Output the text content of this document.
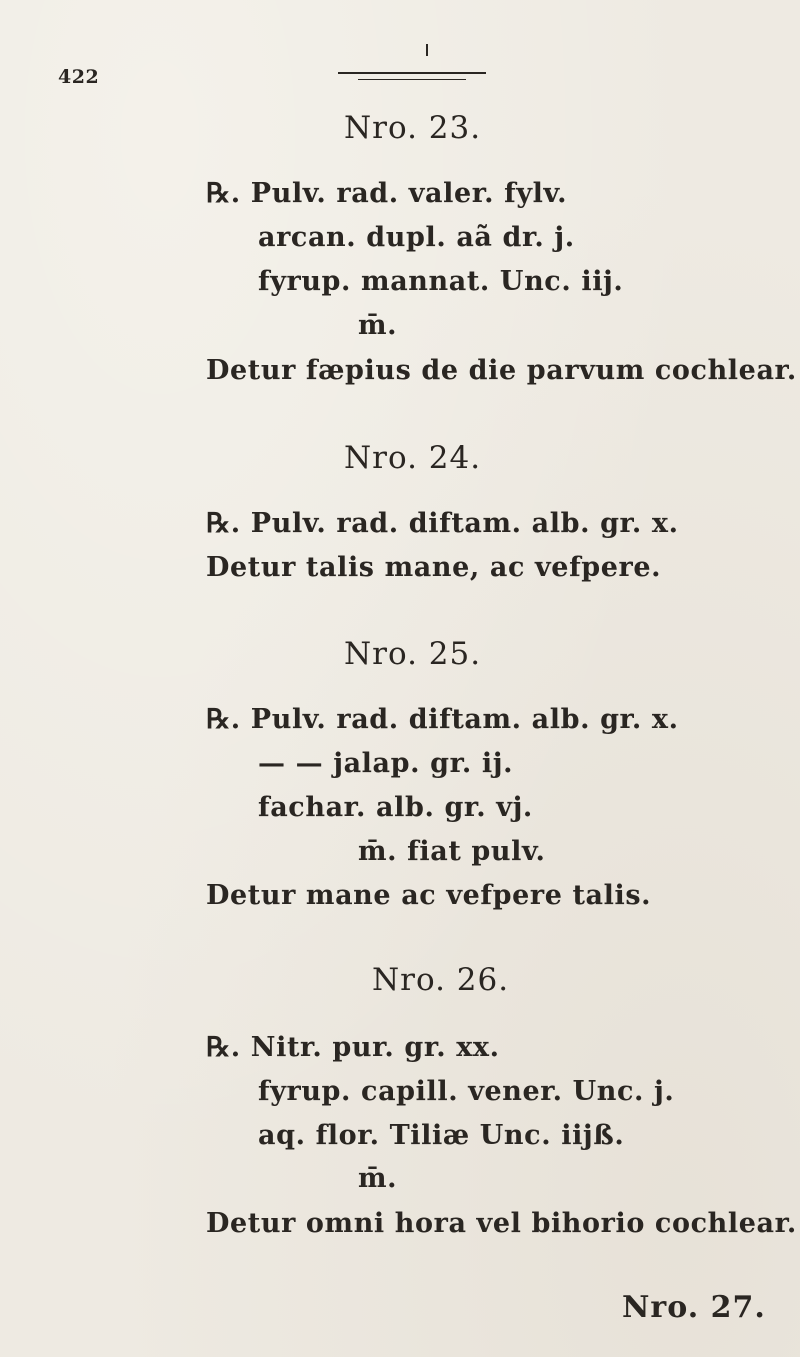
422
Nro. 23.
℞. Pulv. rad. valer. fylv.
arcan. dupl. aã dr. j.
fyrup. mannat. Unc. iij.
m̄.
Detur fæpius de die parvum cochlear.
Nro. 24.
℞. Pulv. rad. diftam. alb. gr. x.
Detur talis mane, ac vefpere.
Nro. 25.
℞. Pulv. rad. diftam. alb. gr. x.
— — jalap. gr. ij.
fachar. alb. gr. vj.
m̄. fiat pulv.
Detur mane ac vefpere talis.
Nro. 26.
℞. Nitr. pur. gr. xx.
fyrup. capill. vener. Unc. j.
aq. flor. Tiliæ Unc. iijß.
m̄.
Detur omni hora vel bihorio cochlear.
Nro. 27.
